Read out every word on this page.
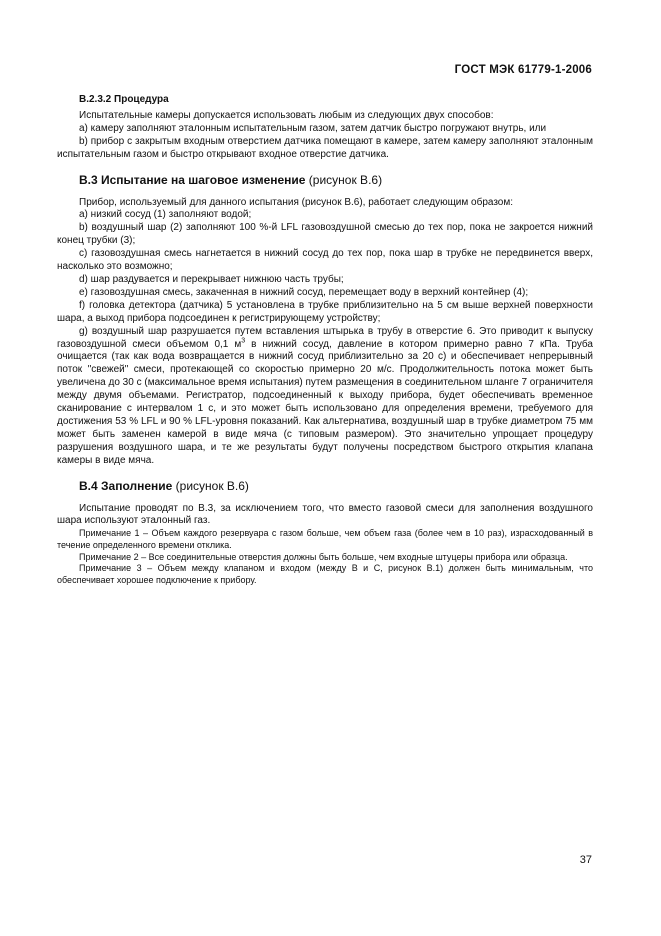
ГОСТ МЭК 61779-1-2006

В.2.3.2 Процедура

Испытательные камеры допускается использовать любым из следующих двух способов:

а) камеру заполняют эталонным испытательным газом, затем датчик быстро погружают внутрь, или

b) прибор с закрытым входным отверстием датчика помещают в камере, затем камеру заполняют эталонным испытательным газом и быстро открывают входное отверстие датчика.

В.3 Испытание на шаговое изменение (рисунок В.6)

Прибор, используемый для данного испытания (рисунок В.6), работает следующим образом:

а) низкий сосуд (1) заполняют водой;

b) воздушный шар (2) заполняют 100 %-й LFL газовоздушной смесью до тех пор, пока не закроется нижний конец трубки (3);

с) газовоздушная смесь нагнетается в нижний сосуд до тех пор, пока шар в трубке не передвинется вверх, насколько это возможно;

d) шар раздувается и перекрывает нижнюю часть трубы;

е) газовоздушная смесь, закаченная в нижний сосуд, перемещает воду в верхний контейнер (4);

f) головка детектора (датчика) 5 установлена в трубке приблизительно на 5 см выше верхней поверхности шара, а выход прибора подсоединен к регистрирующему устройству;

g) воздушный шар разрушается путем вставления штырька в трубу в отверстие 6. Это приводит к выпуску газовоздушной смеси объемом 0,1 $м^3$ в нижний сосуд, давление в котором примерно равно 7 кПа. Труба очищается (так как вода возвращается в нижний сосуд приблизительно за 20 с) и обеспечивает непрерывный поток "свежей" смеси, протекающей со скоростью примерно 20 м/с. Продолжительность потока может быть увеличена до 30 с (максимальное время испытания) путем размещения в соединительном шланге 7 ограничителя между двумя объемами. Регистратор, подсоединенный к выходу прибора, будет обеспечивать временное сканирование с интервалом 1 с, и это может быть использовано для определения времени, требуемого для достижения 53 % LFL и 90 % LFL-уровня показаний. Как альтернатива, воздушный шар в трубке диаметром 75 мм может быть заменен камерой в виде мяча (с типовым размером). Это значительно упрощает процедуру разрушения воздушного шара, и те же результаты будут получены посредством быстрого открытия клапана камеры в виде мяча.

В.4 Заполнение (рисунок В.6)

Испытание проводят по В.3, за исключением того, что вместо газовой смеси для заполнения воздушного шара используют эталонный газ.

Примечание 1 – Объем каждого резервуара с газом больше, чем объем газа (более чем в 10 раз), израсходованный в течение определенного времени отклика.

Примечание 2 – Все соединительные отверстия должны быть больше, чем входные штуцеры прибора или образца.

Примечание 3 – Объем между клапаном и входом (между В и С, рисунок В.1) должен быть минимальным, что обеспечивает хорошее подключение к прибору.

37
